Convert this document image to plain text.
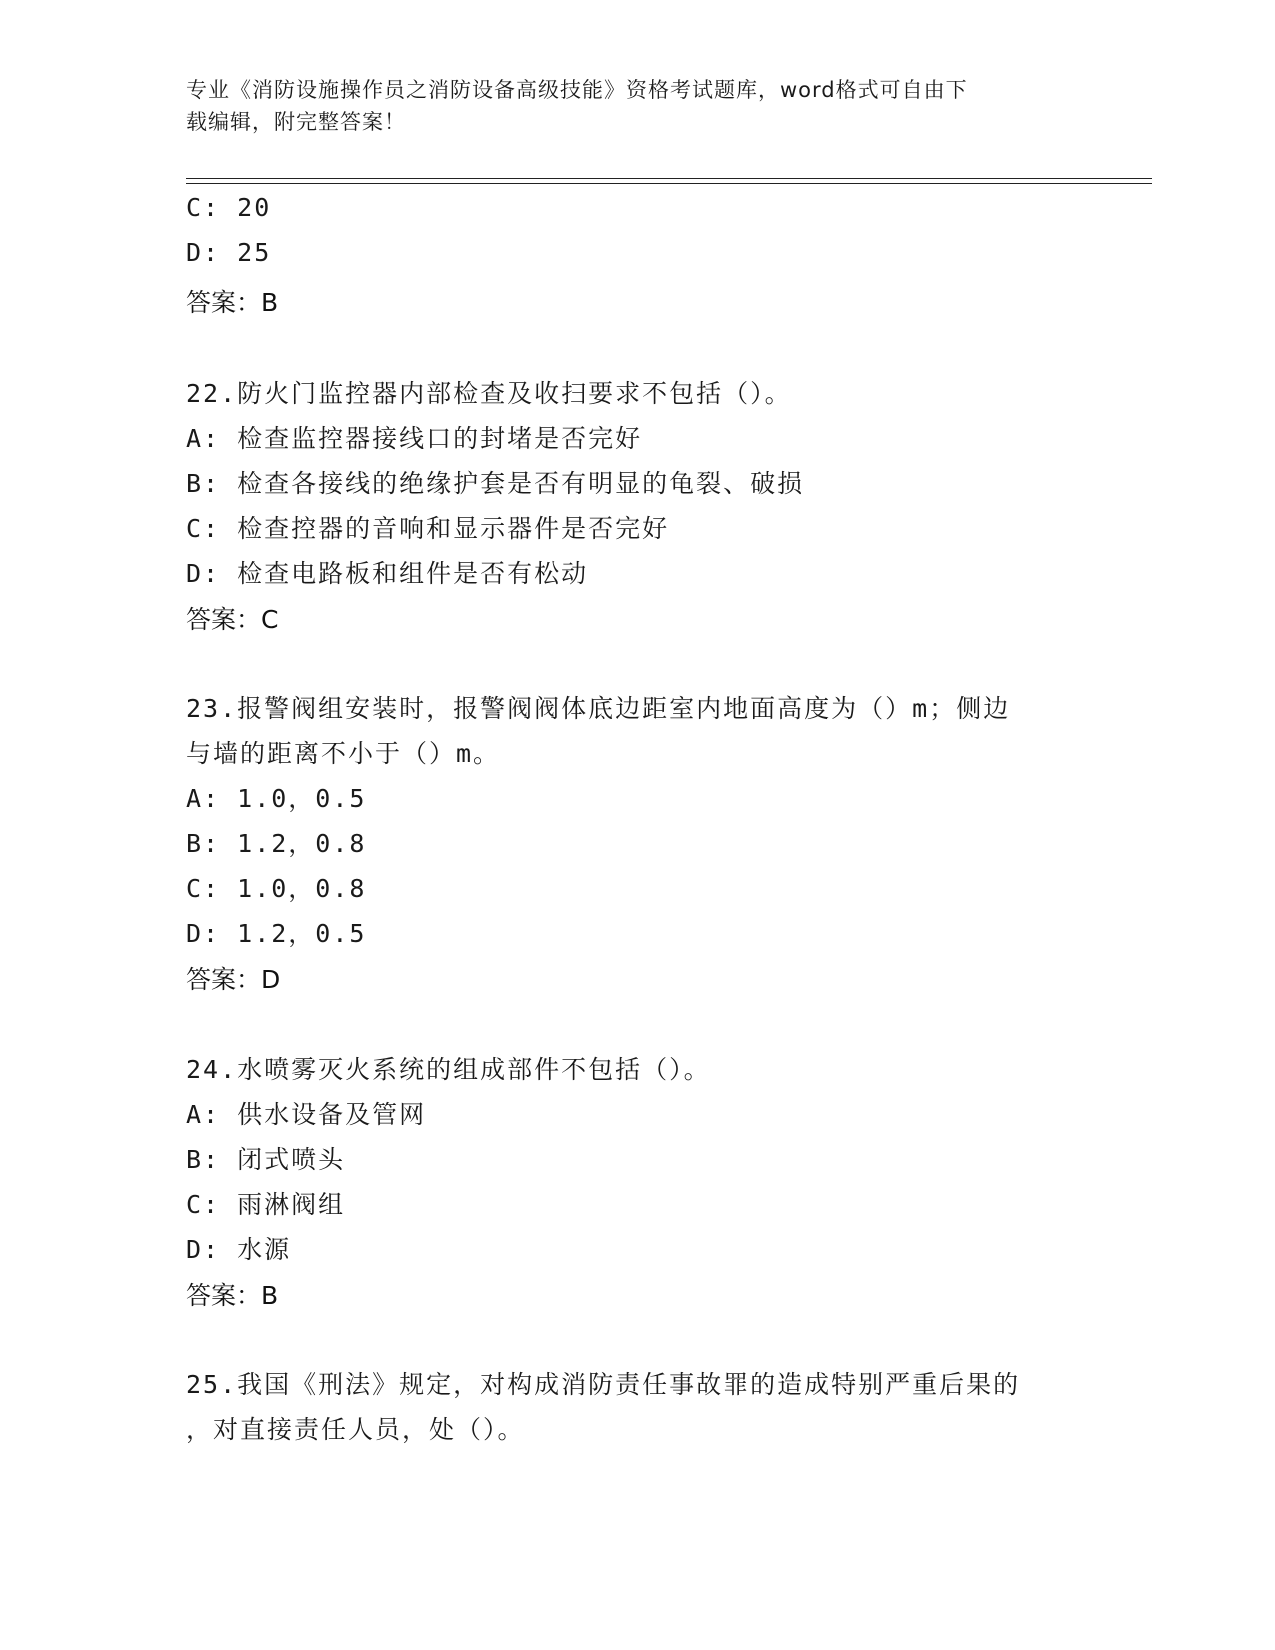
专业《消防设施操作员之消防设备高级技能》资格考试题库，word格式可自由下
载编辑，附完整答案！
C: 20
D: 25
答案：B
22.防火门监控器内部检查及收扫要求不包括（）。
A: 检查监控器接线口的封堵是否完好
B: 检查各接线的绝缘护套是否有明显的龟裂、破损
C: 检查控器的音响和显示器件是否完好
D: 检查电路板和组件是否有松动
答案：C
23.报警阀组安装时，报警阀阀体底边距室内地面高度为（）m；侧边
与墙的距离不小于（）m。
A: 1.0，0.5
B: 1.2，0.8
C: 1.0，0.8
D: 1.2，0.5
答案：D
24.水喷雾灭火系统的组成部件不包括（）。
A: 供水设备及管网
B: 闭式喷头
C: 雨淋阀组
D: 水源
答案：B
25.我国《刑法》规定，对构成消防责任事故罪的造成特别严重后果的
，对直接责任人员，处（）。
